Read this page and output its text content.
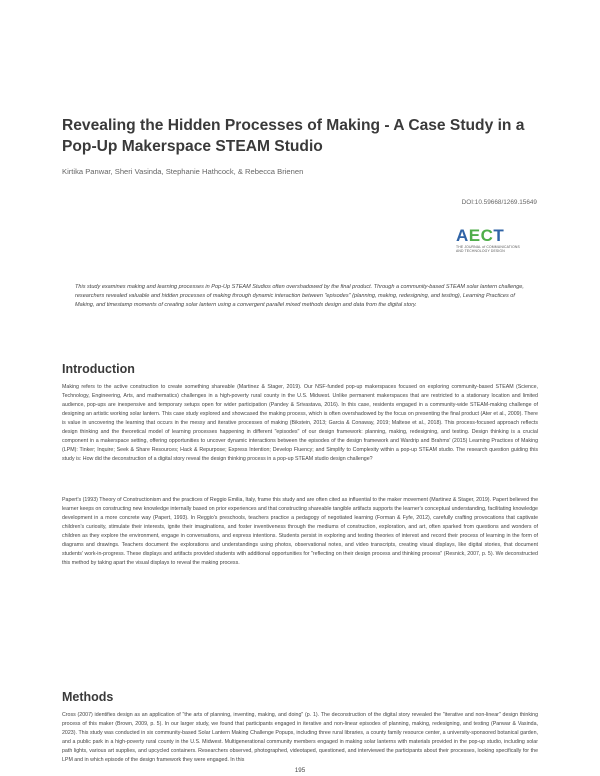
Revealing the Hidden Processes of Making - A Case Study in a Pop-Up Makerspace STEAM Studio

Kirtika Panwar, Sheri Vasinda, Stephanie Hathcock, & Rebecca Brienen

DOI:10.59668/1269.15649

A E C T
THE JOURNAL of COMMUNICATIONS
AND TECHNOLOGY DESIGN

This study examines making and learning processes in Pop-Up STEAM Studios often overshadowed by the final product. Through a community-based STEAM solar lantern challenge, researchers revealed valuable and hidden processes of making through dynamic interaction between "episodes" (planning, making, redesigning, and testing), Learning Practices of Making, and timestamp moments of creating solar lantern using a convergent parallel mixed methods design and data from the digital story.

Introduction

Making refers to the active construction to create something shareable (Martinez & Stager, 2019). Our NSF-funded pop-up makerspaces focused on exploring community-based STEAM (Science, Technology, Engineering, Arts, and mathematics) challenges in a high-poverty rural county in the U.S. Midwest. Unlike permanent makerspaces that are restricted to a stationary location and limited audience, pop-ups are inexpensive and temporary setups open for wider participation (Pandey & Srivastava, 2016). In this case, residents engaged in a community-wide STEAM-making challenge of designing an artistic working solar lantern. This case study explored and showcased the making process, which is often overshadowed by the focus on presenting the final product (Ater et al., 2009). There is value in uncovering the learning that occurs in the messy and iterative processes of making (Bikstein, 2013; Garcia & Conaway, 2019; Maltese et al., 2018). This process-focused approach reflects design thinking and the theoretical model of learning processes happening in different "episodes" of our design framework: planning, making, redesigning, and testing. Design thinking is a crucial component in a makerspace setting, offering opportunities to uncover dynamic interactions between the episodes of the design framework and Wardrip and Brahms' (2015) Learning Practices of Making (LPM): Tinker; Inquire; Seek & Share Resources; Hack & Repurpose; Express Intention; Develop Fluency; and Simplify to Complexity within a pop-up STEAM studio. The research question guiding this study is: How did the deconstruction of a digital story reveal the design thinking process in a pop-up STEAM studio design challenge?

Papert's (1993) Theory of Constructionism and the practices of Reggio Emilia, Italy, frame this study and are often cited as influential to the maker movement (Martinez & Stager, 2019). Papert believed the learner keeps on constructing new knowledge internally based on prior experiences and that constructing shareable tangible artifacts supports the learner's conceptual understanding, facilitating knowledge development in a more concrete way (Papert, 1993). In Reggio's preschools, teachers practice a pedagogy of negotiated learning (Forman & Fyfe, 2012), carefully crafting provocations that captivate children's curiosity, stimulate their interests, ignite their imaginations, and foster inventiveness through the mediums of construction, exploration, and art, often sparked from questions and wonders of children as they explore the environment, engage in conversations, and express intentions. Students persist in exploring and testing theories of interest and record their process of learning in the form of diagrams and drawings. Teachers document the explorations and understandings using photos, observational notes, and video transcripts, creating visual displays, like digital stories, that document students' work-in-progress. These displays and artifacts provided students with additional opportunities for "reflecting on their design process and thinking process" (Resnick, 2007, p. 5). We deconstructed this method by taking apart the visual displays to reveal the making process.

Methods

Cross (2007) identifies design as an application of "the arts of planning, inventing, making, and doing" (p. 1). The deconstruction of the digital story revealed the "iterative and non-linear" design thinking process of this maker (Brown, 2009, p. 5). In our larger study, we found that participants engaged in iterative and non-linear episodes of planning, making, redesigning, and testing (Panwar & Vasinda, 2023). This study was conducted in six community-based Solar Lantern Making Challenge Popups, including three rural libraries, a county family resource center, a university-sponsored botanical garden, and a public park in a high-poverty rural county in the U.S. Midwest. Multigenerational community members engaged in making solar lanterns with materials provided in the pop-up studio, including solar path lights, various art supplies, and upcycled containers. Researchers observed, photographed, videotaped, questioned, and interviewed the participants about their processes, looking specifically for the LPM and in which episode of the design framework they were engaged. In this

195
